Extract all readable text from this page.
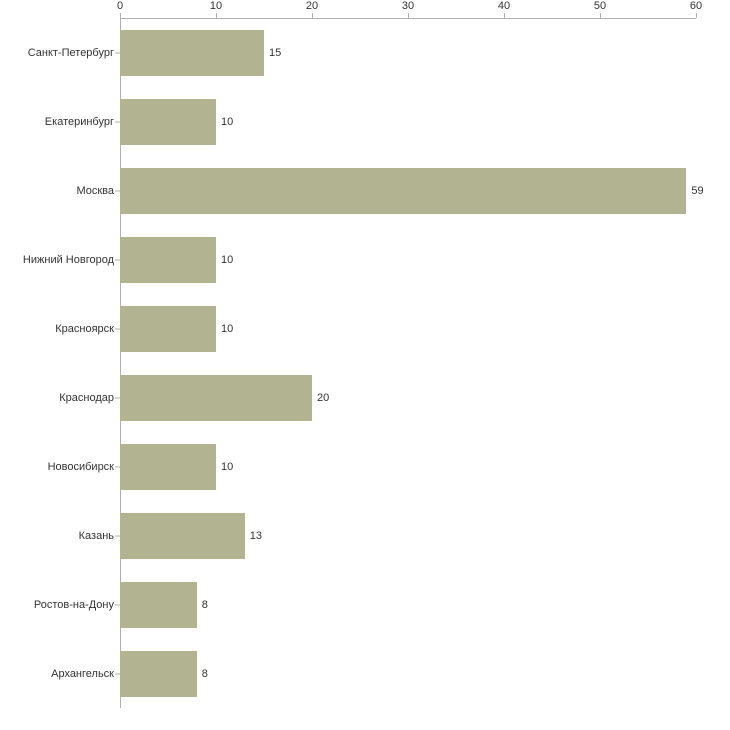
Санкт-Петербург	15
Екатеринбург	10
Москва	59
Нижний Новгород	10
Красноярск	10
Краснодар	20
Новосибирск	10
Казань	13
Ростов-на-Дону	8
Архангельск	8
0	10	20	30	40	50	60
